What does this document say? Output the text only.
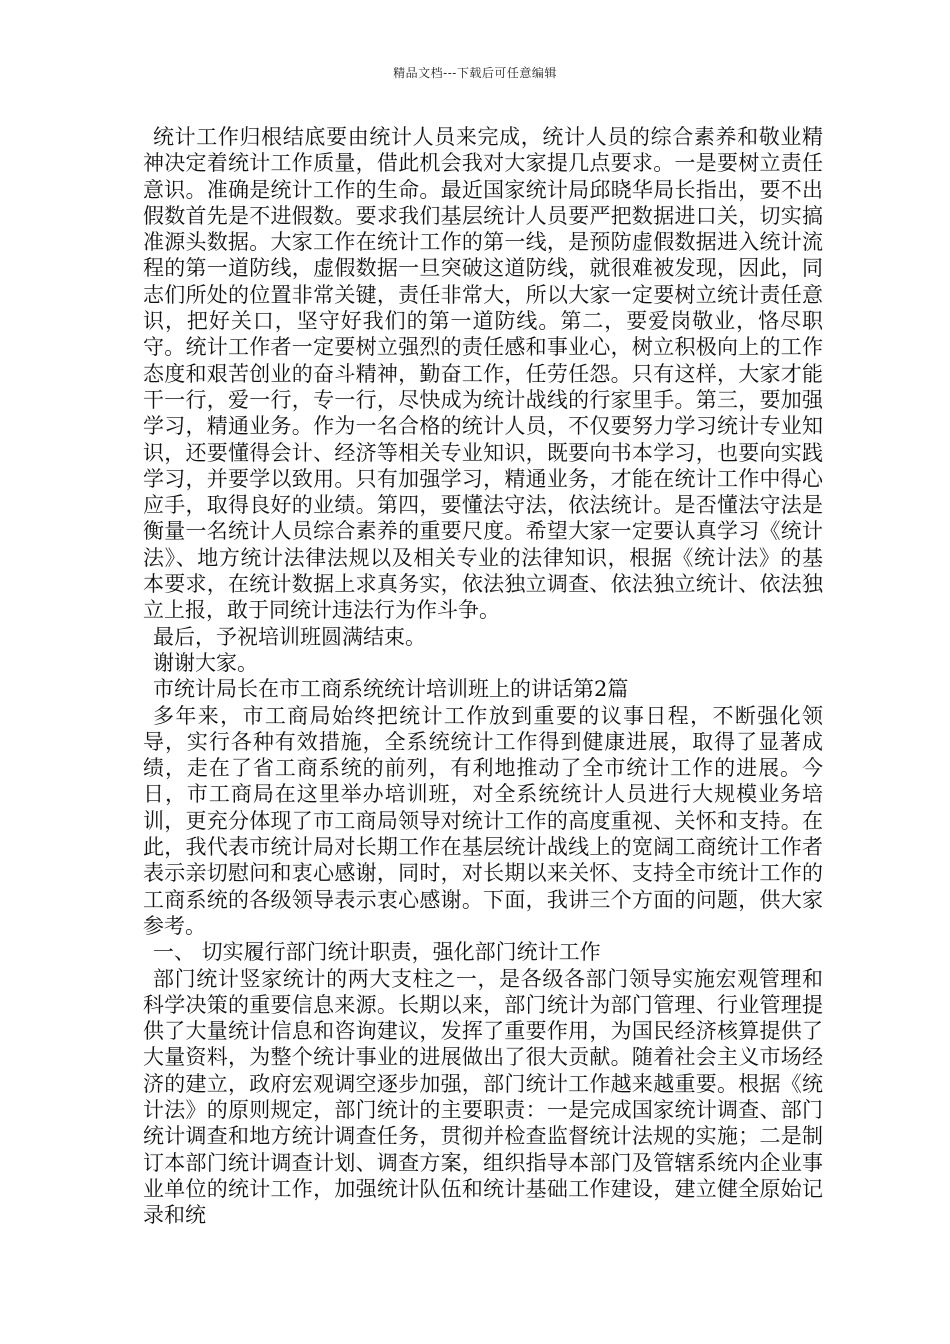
精品文档---下载后可任意编辑

统计工作归根结底要由统计人员来完成，统计人员的综合素养和敬业精神决定着统计工作质量，借此机会我对大家提几点要求。一是要树立责任意识。准确是统计工作的生命。最近国家统计局邱晓华局长指出，要不出假数首先是不进假数。要求我们基层统计人员要严把数据进口关，切实搞准源头数据。大家工作在统计工作的第一线，是预防虚假数据进入统计流程的第一道防线，虚假数据一旦突破这道防线，就很难被发现，因此，同志们所处的位置非常关键，责任非常大，所以大家一定要树立统计责任意识，把好关口，坚守好我们的第一道防线。第二，要爱岗敬业，恪尽职守。统计工作者一定要树立强烈的责任感和事业心，树立积极向上的工作态度和艰苦创业的奋斗精神，勤奋工作，任劳任怨。只有这样，大家才能干一行，爱一行，专一行，尽快成为统计战线的行家里手。第三，要加强学习，精通业务。作为一名合格的统计人员，不仅要努力学习统计专业知识，还要懂得会计、经济等相关专业知识，既要向书本学习，也要向实践学习，并要学以致用。只有加强学习，精通业务，才能在统计工作中得心应手，取得良好的业绩。第四，要懂法守法，依法统计。是否懂法守法是衡量一名统计人员综合素养的重要尺度。希望大家一定要认真学习《统计法》、地方统计法律法规以及相关专业的法律知识，根据《统计法》的基本要求，在统计数据上求真务实，依法独立调查、依法独立统计、依法独立上报，敢于同统计违法行为作斗争。

最后，予祝培训班圆满结束。

谢谢大家。

市统计局长在市工商系统统计培训班上的讲话第2篇

多年来，市工商局始终把统计工作放到重要的议事日程，不断强化领导，实行各种有效措施，全系统统计工作得到健康进展，取得了显著成绩，走在了省工商系统的前列，有利地推动了全市统计工作的进展。今日，市工商局在这里举办培训班，对全系统统计人员进行大规模业务培训，更充分体现了市工商局领导对统计工作的高度重视、关怀和支持。在此，我代表市统计局对长期工作在基层统计战线上的宽阔工商统计工作者表示亲切慰问和衷心感谢，同时，对长期以来关怀、支持全市统计工作的工商系统的各级领导表示衷心感谢。下面，我讲三个方面的问题，供大家参考。

一、 切实履行部门统计职责，强化部门统计工作

部门统计竖家统计的两大支柱之一，是各级各部门领导实施宏观管理和科学决策的重要信息来源。长期以来，部门统计为部门管理、行业管理提供了大量统计信息和咨询建议，发挥了重要作用，为国民经济核算提供了大量资料，为整个统计事业的进展做出了很大贡献。随着社会主义市场经济的建立，政府宏观调空逐步加强，部门统计工作越来越重要。根据《统计法》的原则规定，部门统计的主要职责：一是完成国家统计调查、部门统计调查和地方统计调查任务，贯彻并检查监督统计法规的实施；二是制订本部门统计调查计划、调查方案，组织指导本部门及管辖系统内企业事业单位的统计工作，加强统计队伍和统计基础工作建设，建立健全原始记录和统
